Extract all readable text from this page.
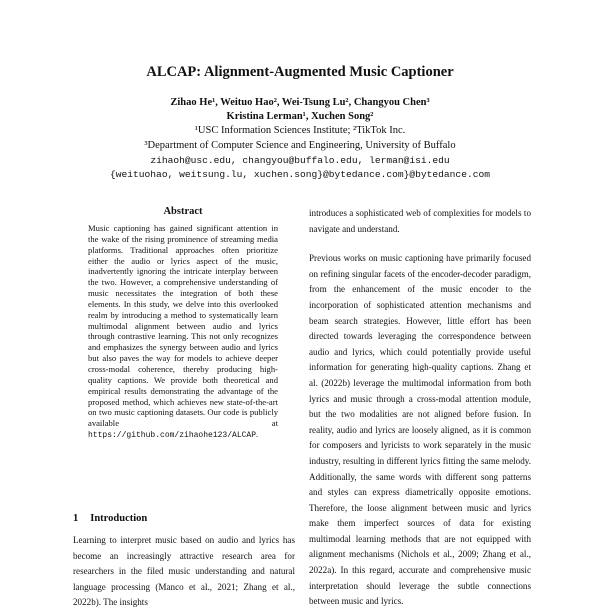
ALCAP: Alignment-Augmented Music Captioner
Zihao He¹, Weituo Hao², Wei-Tsung Lu², Changyou Chen³
Kristina Lerman¹, Xuchen Song²
¹USC Information Sciences Institute; ²TikTok Inc.
³Department of Computer Science and Engineering, University of Buffalo
zihaoh@usc.edu, changyou@buffalo.edu, lerman@isi.edu
{weituohao, weitsung.lu, xuchen.song}@bytedance.com}@bytedance.com
Abstract
Music captioning has gained significant attention in the wake of the rising prominence of streaming media platforms. Traditional approaches often prioritize either the audio or lyrics aspect of the music, inadvertently ignoring the intricate interplay between the two. However, a comprehensive understanding of music necessitates the integration of both these elements. In this study, we delve into this overlooked realm by introducing a method to systematically learn multimodal alignment between audio and lyrics through contrastive learning. This not only recognizes and emphasizes the synergy between audio and lyrics but also paves the way for models to achieve deeper cross-modal coherence, thereby producing high-quality captions. We provide both theoretical and empirical results demonstrating the advantage of the proposed method, which achieves new state-of-the-art on two music captioning datasets. Our code is publicly available at https://github.com/zihaohe123/ALCAP.
1 Introduction
Learning to interpret music based on audio and lyrics has become an increasingly attractive research area for researchers in the filed music understanding and natural language processing (Manco et al., 2021; Zhang et al., 2022b). The insights

introduces a sophisticated web of complexities for models to navigate and understand.

Previous works on music captioning have primarily focused on refining singular facets of the encoder-decoder paradigm, from the enhancement of the music encoder to the incorporation of sophisticated attention mechanisms and beam search strategies. However, little effort has been directed towards leveraging the correspondence between audio and lyrics, which could potentially provide useful information for generating high-quality captions. Zhang et al. (2022b) leverage the multimodal information from both lyrics and music through a cross-modal attention module, but the two modalities are not aligned before fusion. In reality, audio and lyrics are loosely aligned, as it is common for composers and lyricists to work separately in the music industry, resulting in different lyrics fitting the same melody. Additionally, the same words with different song patterns and styles can express diametrically opposite emotions. Therefore, the loose alignment between music and lyrics make them imperfect sources of data for existing multimodal learning methods that are not equipped with alignment mechanisms (Nichols et al., 2009; Zhang et al., 2022a). In this regard, accurate and comprehensive music interpretation should leverage the subtle connections between music and lyrics.
